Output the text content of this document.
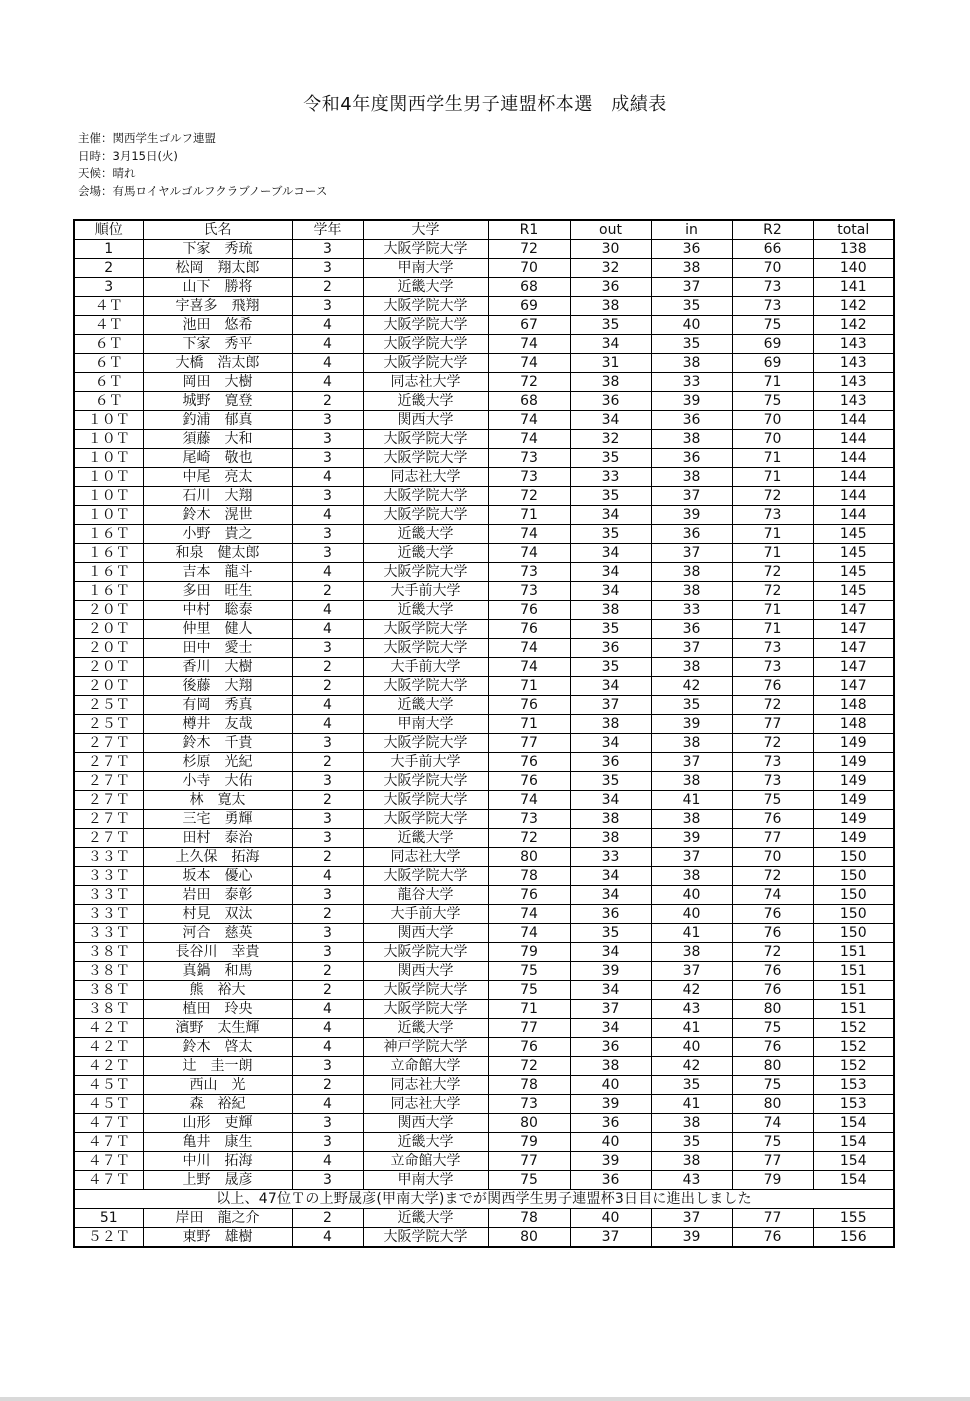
令和4年度関西学生男子連盟杯本選　成績表
主催：関西学生ゴルフ連盟
日時：3月15日(火)
天候：晴れ
会場：有馬ロイヤルゴルフクラブノーブルコース
順位	氏名	学年	大学	R1	out	in	R2	total
1	下家　秀琉	3	大阪学院大学	72	30	36	66	138
2	松岡　翔太郎	3	甲南大学	70	32	38	70	140
3	山下　勝将	2	近畿大学	68	36	37	73	141
４Ｔ	宇喜多　飛翔	3	大阪学院大学	69	38	35	73	142
４Ｔ	池田　悠希	4	大阪学院大学	67	35	40	75	142
６Ｔ	下家　秀平	4	大阪学院大学	74	34	35	69	143
６Ｔ	大橋　浩太郎	4	大阪学院大学	74	31	38	69	143
６Ｔ	岡田　大樹	4	同志社大学	72	38	33	71	143
６Ｔ	城野　寛登	2	近畿大学	68	36	39	75	143
１０Ｔ	釣浦　郁真	3	関西大学	74	34	36	70	144
１０Ｔ	須藤　大和	3	大阪学院大学	74	32	38	70	144
１０Ｔ	尾崎　敬也	3	大阪学院大学	73	35	36	71	144
１０Ｔ	中尾　亮太	4	同志社大学	73	33	38	71	144
１０Ｔ	石川　大翔	3	大阪学院大学	72	35	37	72	144
１０Ｔ	鈴木　滉世	4	大阪学院大学	71	34	39	73	144
１６Ｔ	小野　貴之	3	近畿大学	74	35	36	71	145
１６Ｔ	和泉　健太郎	3	近畿大学	74	34	37	71	145
１６Ｔ	吉本　龍斗	4	大阪学院大学	73	34	38	72	145
１６Ｔ	多田　旺生	2	大手前大学	73	34	38	72	145
２０Ｔ	中村　聡泰	4	近畿大学	76	38	33	71	147
２０Ｔ	仲里　健人	4	大阪学院大学	76	35	36	71	147
２０Ｔ	田中　愛士	3	大阪学院大学	74	36	37	73	147
２０Ｔ	香川　大樹	2	大手前大学	74	35	38	73	147
２０Ｔ	後藤　大翔	2	大阪学院大学	71	34	42	76	147
２５Ｔ	有岡　秀真	4	近畿大学	76	37	35	72	148
２５Ｔ	樽井　友哉	4	甲南大学	71	38	39	77	148
２７Ｔ	鈴木　千貴	3	大阪学院大学	77	34	38	72	149
２７Ｔ	杉原　光紀	2	大手前大学	76	36	37	73	149
２７Ｔ	小寺　大佑	3	大阪学院大学	76	35	38	73	149
２７Ｔ	林　寛太	2	大阪学院大学	74	34	41	75	149
２７Ｔ	三宅　勇輝	3	大阪学院大学	73	38	38	76	149
２７Ｔ	田村　泰治	3	近畿大学	72	38	39	77	149
３３Ｔ	上久保　拓海	2	同志社大学	80	33	37	70	150
３３Ｔ	坂本　優心	4	大阪学院大学	78	34	38	72	150
３３Ｔ	岩田　泰彰	3	龍谷大学	76	34	40	74	150
３３Ｔ	村見　双汰	2	大手前大学	74	36	40	76	150
３３Ｔ	河合　慈英	3	関西大学	74	35	41	76	150
３８Ｔ	長谷川　幸貴	3	大阪学院大学	79	34	38	72	151
３８Ｔ	真鍋　和馬	2	関西大学	75	39	37	76	151
３８Ｔ	熊　裕大	2	大阪学院大学	75	34	42	76	151
３８Ｔ	植田　玲央	4	大阪学院大学	71	37	43	80	151
４２Ｔ	濱野　太生輝	4	近畿大学	77	34	41	75	152
４２Ｔ	鈴木　啓太	4	神戸学院大学	76	36	40	76	152
４２Ｔ	辻　圭一朗	3	立命館大学	72	38	42	80	152
４５Ｔ	西山　光	2	同志社大学	78	40	35	75	153
４５Ｔ	森　裕紀	4	同志社大学	73	39	41	80	153
４７Ｔ	山形　吏輝	3	関西大学	80	36	38	74	154
４７Ｔ	亀井　康生	3	近畿大学	79	40	35	75	154
４７Ｔ	中川　拓海	4	立命館大学	77	39	38	77	154
４７Ｔ	上野　晟彦	3	甲南大学	75	36	43	79	154
以上、47位Ｔの上野晟彦(甲南大学)までが関西学生男子連盟杯3日目に進出しました								
51	岸田　龍之介	2	近畿大学	78	40	37	77	155
５２Ｔ	東野　雄樹	4	大阪学院大学	80	37	39	76	156
